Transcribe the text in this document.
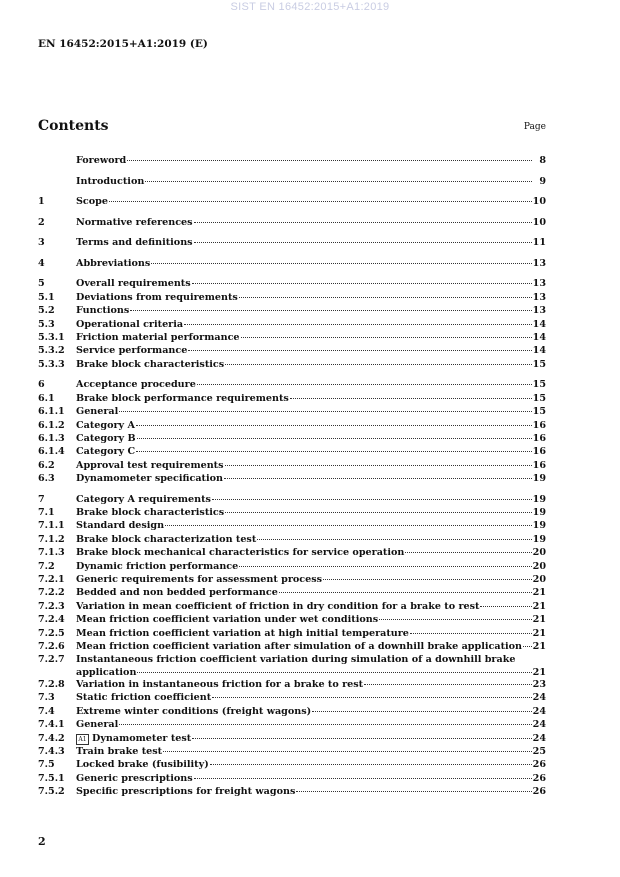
SIST EN 16452:2015+A1:2019
EN 16452:2015+A1:2019 (E)
Contents	Page
Foreword	8
Introduction	9
1	Scope	10
2	Normative references	10
3	Terms and definitions	11
4	Abbreviations	13
5	Overall requirements	13
5.1	Deviations from requirements	13
5.2	Functions	13
5.3	Operational criteria	14
5.3.1	Friction material performance	14
5.3.2	Service performance	14
5.3.3	Brake block characteristics	15
6	Acceptance procedure	15
6.1	Brake block performance requirements	15
6.1.1	General	15
6.1.2	Category A	16
6.1.3	Category B	16
6.1.4	Category C	16
6.2	Approval test requirements	16
6.3	Dynamometer specification	19
7	Category A requirements	19
7.1	Brake block characteristics	19
7.1.1	Standard design	19
7.1.2	Brake block characterization test	19
7.1.3	Brake block mechanical characteristics for service operation	20
7.2	Dynamic friction performance	20
7.2.1	Generic requirements for assessment process	20
7.2.2	Bedded and non bedded performance	21
7.2.3	Variation in mean coefficient of friction in dry condition for a brake to rest	21
7.2.4	Mean friction coefficient variation under wet conditions	21
7.2.5	Mean friction coefficient variation at high initial temperature	21
7.2.6	Mean friction coefficient variation after simulation of a downhill brake application 21
7.2.7	Instantaneous friction coefficient variation during simulation of a downhill brake
application	21
7.2.8	Variation in instantaneous friction for a brake to rest	23
7.3	Static friction coefficient	24
7.4	Extreme winter conditions (freight wagons)	24
7.4.1	General	24
7.4.2	A1 Dynamometer test	24
7.4.3	Train brake test	25
7.5	Locked brake (fusibility)	26
7.5.1	Generic prescriptions	26
7.5.2	Specific prescriptions for freight wagons	26
2
